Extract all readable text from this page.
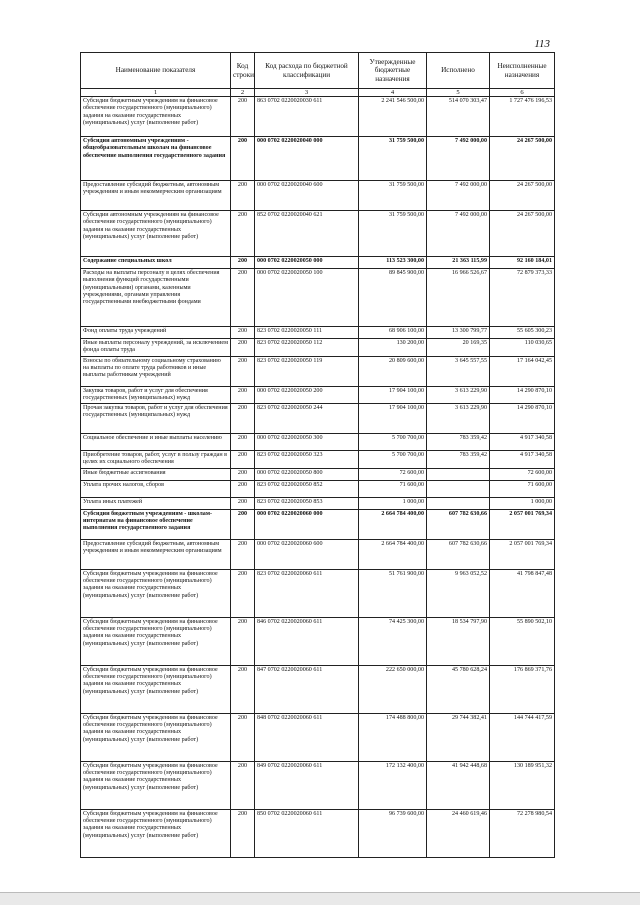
113
Наименование показателя	Код строки	Код расхода по бюджетной классификации	Утвержденные бюджетные назначения	Исполнено	Неисполненные назначения
1	2	3	4	5	6
Субсидии бюджетным учреждениям на финансовое обеспечение государственного (муниципального) задания на оказание государственных (муниципальных) услуг (выполнение работ)	200	863 0702 0220020030 611	2 241 546 500,00	514 070 303,47	1 727 476 196,53
Субсидии автономным учреждениям - общеобразовательным школам на финансовое обеспечение выполнения государственного задания	200	000 0702 0220020040 000	31 759 500,00	7 492 000,00	24 267 500,00
Предоставление субсидий бюджетным, автономным учреждениям и иным некоммерческим организациям	200	000 0702 0220020040 600	31 759 500,00	7 492 000,00	24 267 500,00
Субсидии автономным учреждениям на финансовое обеспечение государственного (муниципального) задания на оказание государственных (муниципальных) услуг (выполнение работ)	200	852 0702 0220020040 621	31 759 500,00	7 492 000,00	24 267 500,00
Содержание специальных школ	200	000 0702 0220020050 000	113 523 300,00	21 363 115,99	92 160 184,01
Расходы на выплаты персоналу в целях обеспечения выполнения функций государственными (муниципальными) органами, казенными учреждениями, органами управления государственными внебюджетными фондами	200	000 0702 0220020050 100	89 845 900,00	16 966 526,67	72 879 373,33
Фонд оплаты труда учреждений	200	823 0702 0220020050 111	68 906 100,00	13 300 799,77	55 605 300,23
Иные выплаты персоналу учреждений, за исключением фонда оплаты труда	200	823 0702 0220020050 112	130 200,00	20 169,35	110 030,65
Взносы по обязательному социальному страхованию на выплаты по оплате труда работников и иные выплаты работникам учреждений	200	823 0702 0220020050 119	20 809 600,00	3 645 557,55	17 164 042,45
Закупка товаров, работ и услуг для обеспечения государственных (муниципальных) нужд	200	000 0702 0220020050 200	17 904 100,00	3 613 229,90	14 290 870,10
Прочая закупка товаров, работ и услуг для обеспечения государственных (муниципальных) нужд	200	823 0702 0220020050 244	17 904 100,00	3 613 229,90	14 290 870,10
Социальное обеспечение и иные выплаты населению	200	000 0702 0220020050 300	5 700 700,00	783 359,42	4 917 340,58
Приобретение товаров, работ, услуг в пользу граждан в целях их социального обеспечения	200	823 0702 0220020050 323	5 700 700,00	783 359,42	4 917 340,58
Иные бюджетные ассигнования	200	000 0702 0220020050 800	72 600,00		72 600,00
Уплата прочих налогов, сборов	200	823 0702 0220020050 852	71 600,00		71 600,00
Уплата иных платежей	200	823 0702 0220020050 853	1 000,00		1 000,00
Субсидии бюджетным учреждениям - школам-интернатам на финансовое обеспечение выполнения государственного задания	200	000 0702 0220020060 000	2 664 784 400,00	607 782 630,66	2 057 001 769,34
Предоставление субсидий бюджетным, автономным учреждениям и иным некоммерческим организациям	200	000 0702 0220020060 600	2 664 784 400,00	607 782 630,66	2 057 001 769,34
Субсидии бюджетным учреждениям на финансовое обеспечение государственного (муниципального) задания на оказание государственных (муниципальных) услуг (выполнение работ)	200	823 0702 0220020060 611	51 761 900,00	9 963 052,52	41 798 847,48
Субсидии бюджетным учреждениям на финансовое обеспечение государственного (муниципального) задания на оказание государственных (муниципальных) услуг (выполнение работ)	200	846 0702 0220020060 611	74 425 300,00	18 534 797,90	55 890 502,10
Субсидии бюджетным учреждениям на финансовое обеспечение государственного (муниципального) задания на оказание государственных (муниципальных) услуг (выполнение работ)	200	847 0702 0220020060 611	222 650 000,00	45 780 628,24	176 869 371,76
Субсидии бюджетным учреждениям на финансовое обеспечение государственного (муниципального) задания на оказание государственных (муниципальных) услуг (выполнение работ)	200	848 0702 0220020060 611	174 488 800,00	29 744 382,41	144 744 417,59
Субсидии бюджетным учреждениям на финансовое обеспечение государственного (муниципального) задания на оказание государственных (муниципальных) услуг (выполнение работ)	200	849 0702 0220020060 611	172 132 400,00	41 942 448,68	130 189 951,32
Субсидии бюджетным учреждениям на финансовое обеспечение государственного (муниципального) задания на оказание государственных (муниципальных) услуг (выполнение работ)	200	850 0702 0220020060 611	96 739 600,00	24 460 619,46	72 278 980,54
